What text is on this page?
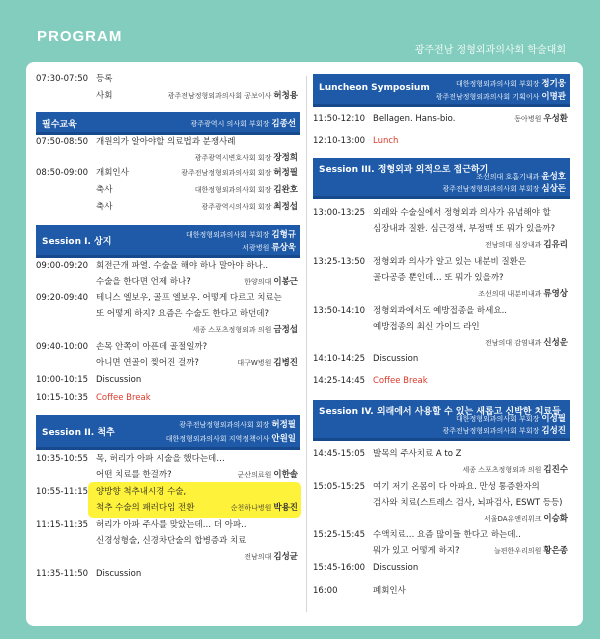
PROGRAM
광주전남 정형외과의사회 학술대회
07:30-07:50 등록
사회	광주전남정형외과의사회 공보이사 허청용
필수교육	광주광역시 의사회 부회장 김종선
07:50-08:50 개원의가 알아야할 의료법과 분쟁사례
광주광역시변호사회 회장 장정희
08:50-09:00 개회인사	광주전남정형외과의사회 회장 허정필
축사	대한정형외과의사회 회장 김완호
축사	광주광역시의사회 회장 최정섭
Session I. 상지
대한정형외과의사회 부회장 김형규
서광병원 류상욱
09:00-09:20 회전근개 파열. 수술을 해야 하나 말아야 하나..
수술을 한다면 언제 하나?	한양의대 이봉근
09:20-09:40 테니스 엘보우, 골프 엘보우. 어떻게 다르고 치료는
또 어떻게 하지? 요즘은 수술도 한다고 하던데?
세종 스포츠정형외과 의원 금정섭
09:40-10:00 손목 안쪽이 아픈데 골절일까?
아니면 연골이 찢어진 걸까?	대구W병원 김병진
10:00-10:15 Discussion
10:15-10:35 Coffee Break
Session II. 척추
광주전남정형외과의사회 회장 허정필
대한정형외과의사회 지역정책이사 안원일
10:35-10:55 목, 허리가 아파 시술을 했다는데…
어떤 치료를 한걸까?	군산의료원 이한솔
10:55-11:15 양방향 척추내시경 수술,
척추 수술의 패러다임 전환	순천하나병원 박용진
11:15-11:35 허리가 아파 주사를 맞았는데… 더 아파..
신경성형술, 신경차단술의 합병증과 치료
전남의대 김성균
11:35-11:50 Discussion
Luncheon Symposium	대한정형외과의사회 부회장 정기웅
광주전남정형외과의사회 기획이사 이명관
11:50-12:10 Bellagen. Hans-bio.	동아병원 우성환
12:10-13:00 Lunch
Session III. 정형외과 외적으로 접근하기
조선의대 호흡기내과 윤성호
광주전남정형외과의사회 부회장 심상돈
13:00-13:25 외래와 수술실에서 정형외과 의사가 유념해야 할
심장내과 질환. 심근경색, 부정맥 또 뭐가 있을까?
전남의대 심장내과 김유리
13:25-13:50 정형외과 의사가 알고 있는 내분비 질환은
골다공증 뿐인데… 또 뭐가 있을까?
조선의대 내분비내과 류영상
13:50-14:10 정형외과에서도 예방접종을 하세요..
예방접종의 최신 가이드 라인
전남의대 감염내과 신성운
14:10-14:25 Discussion
14:25-14:45 Coffee Break
Session IV. 외래에서 사용할 수 있는 새롭고 신박한 치료들
대한정형외과의사회 부회장 이성필
광주전남정형외과의사회 부회장 김성진
14:45-15:05 발목의 주사치료 A to Z
세종 스포츠정형외과 의원 김진수
15:05-15:25 여기 저기 온몸이 다 아파요. 만성 통증환자의
검사와 치료(스트레스 검사, 뇌파검사, ESWT 등등)
서울DA유앤리위크 이승화
15:25-15:45 수액치료… 요즘 많이들 한다고 하는데..
뭐가 있고 어떻게 하지?	늘편한우리의원 황은종
15:45-16:00 Discussion
16:00	폐회인사
